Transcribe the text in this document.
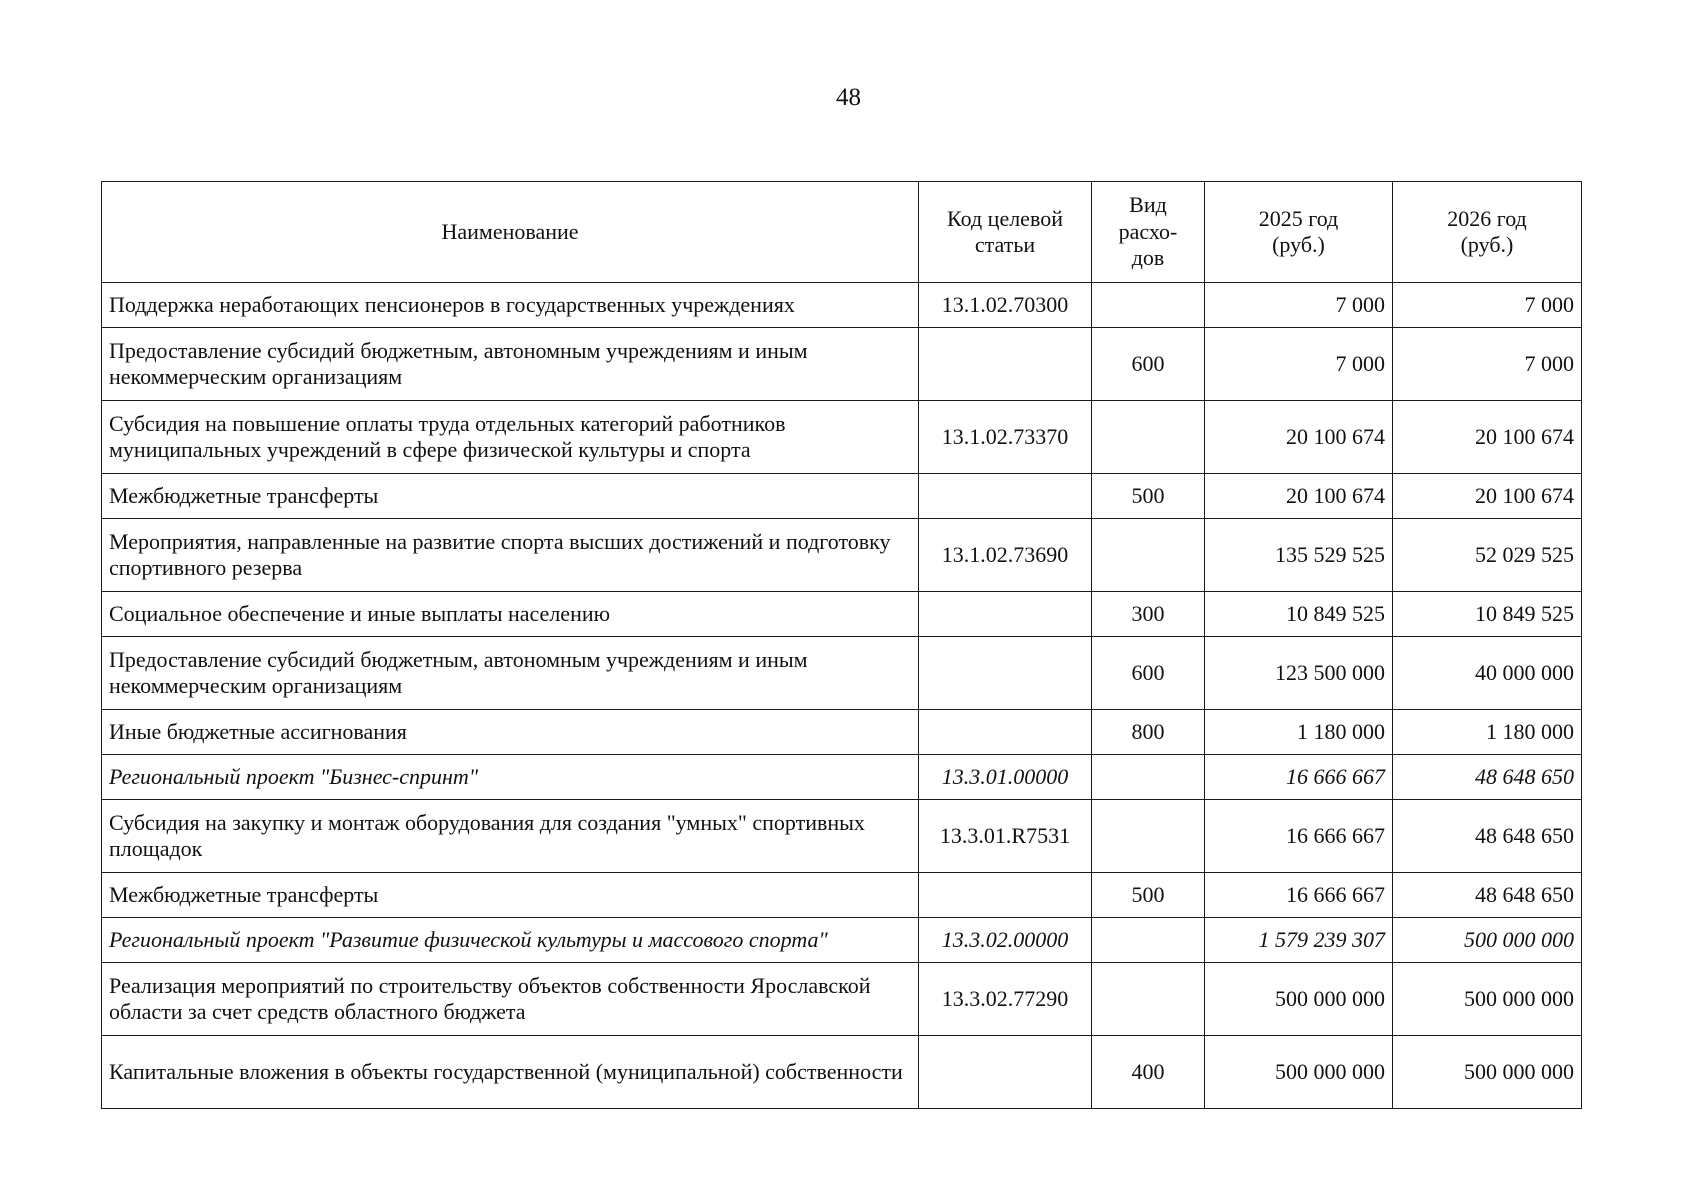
48
Наименование	Код целевой статьи	Вид расхо-дов	2025 год (руб.)	2026 год (руб.)
Поддержка неработающих пенсионеров в государственных учреждениях	13.1.02.70300		7 000	7 000
Предоставление субсидий бюджетным, автономным учреждениям и иным некоммерческим организациям		600	7 000	7 000
Субсидия на повышение оплаты труда отдельных категорий работников муниципальных учреждений в сфере физической культуры и спорта	13.1.02.73370		20 100 674	20 100 674
Межбюджетные трансферты		500	20 100 674	20 100 674
Мероприятия, направленные на развитие спорта высших достижений и подготовку спортивного резерва	13.1.02.73690		135 529 525	52 029 525
Социальное обеспечение и иные выплаты населению		300	10 849 525	10 849 525
Предоставление субсидий бюджетным, автономным учреждениям и иным некоммерческим организациям		600	123 500 000	40 000 000
Иные бюджетные ассигнования		800	1 180 000	1 180 000
Региональный проект "Бизнес-спринт"	13.3.01.00000		16 666 667	48 648 650
Субсидия на закупку и монтаж оборудования для создания "умных" спортивных площадок	13.3.01.R7531		16 666 667	48 648 650
Межбюджетные трансферты		500	16 666 667	48 648 650
Региональный проект "Развитие физической культуры и массового спорта"	13.3.02.00000		1 579 239 307	500 000 000
Реализация мероприятий по строительству объектов собственности Ярославской области за счет средств областного бюджета	13.3.02.77290		500 000 000	500 000 000
Капитальные вложения в объекты государственной (муниципальной) собственности		400	500 000 000	500 000 000
